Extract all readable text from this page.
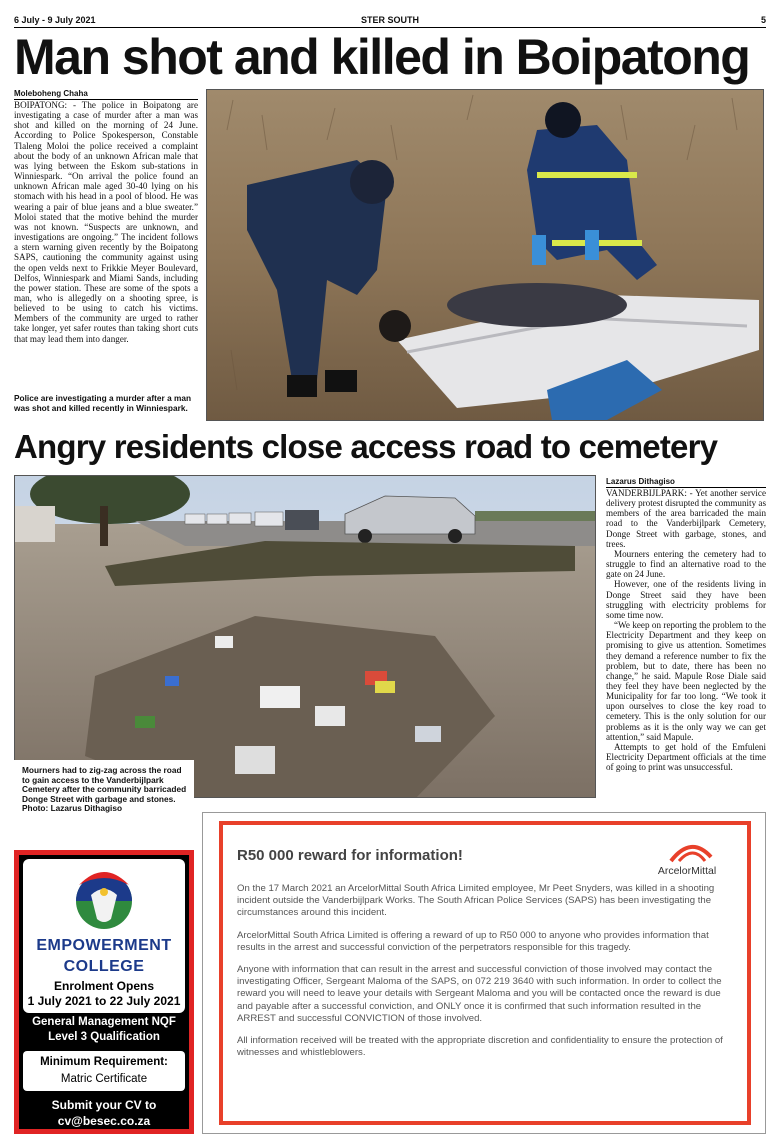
6 July - 9 July 2021	STER SOUTH	5
Man shot and killed in Boipatong
Moleboheng Chaha

BOIPATONG: - The police in Boipatong are investigating a case of murder after a man was shot and killed on the morning of 24 June. According to Police Spokesperson, Constable Tlaleng Moloi the police received a complaint about the body of an unknown African male that was lying between the Eskom sub-stations in Winniespark. “On arrival the police found an unknown African male aged 30-40 lying on his stomach with his head in a pool of blood. He was wearing a pair of blue jeans and a blue sweater.” Moloi stated that the motive behind the murder was not known. “Suspects are unknown, and investigations are ongoing.” The incident follows a stern warning given recently by the Boipatong SAPS, cautioning the community against using the open velds next to Frikkie Meyer Boulevard, Delfos, Winniespark and Miami Sands, including the power station. These are some of the spots a man, who is allegedly on a shooting spree, is believed to be using to catch his victims. Members of the community are urged to rather take longer, yet safer routes than taking short cuts that may lead them into danger.

Police are investigating a murder after a man was shot and killed recently in Winniespark.
Angry residents close access road to cemetery
Mourners had to zig-zag across the road to gain access to the Vanderbijlpark Cemetery after the community barricaded Donge Street with garbage and stones. Photo: Lazarus Dithagiso
Lazarus Dithagiso

VANDERBIJLPARK: - Yet another service delivery protest disrupted the community as members of the area barricaded the main road to the Vanderbijlpark Cemetery, Donge Street with garbage, stones, and trees.

Mourners entering the cemetery had to struggle to find an alternative road to the gate on 24 June.

However, one of the residents living in Donge Street said they have been struggling with electricity problems for some time now.

“We keep on reporting the problem to the Electricity Department and they keep on promising to give us attention. Sometimes they demand a reference number to fix the problem, but to date, there has been no change,” he said. Mapule Rose Diale said they feel they have been neglected by the Municipality for far too long. “We took it upon ourselves to close the key road to cemetery. This is the only solution for our problems as it is the only way we can get attention,” said Mapule.

Attempts to get hold of the Emfuleni Electricity Department officials at the time of going to print was unsuccessful.

EMPOWERMENT
COLLEGE
Enrolment Opens
1 July 2021 to 22 July 2021
General Management NQF
Level 3 Qualification
Minimum Requirement:
Matric Certificate
Submit your CV to
cv@besec.co.za
R50 000 reward for information!
ArcelorMittal

On the 17 March 2021 an ArcelorMittal South Africa Limited employee, Mr Peet Snyders, was killed in a shooting incident outside the Vanderbijlpark Works. The South African Police Services (SAPS) has been investigating the circumstances around this incident.

ArcelorMittal South Africa Limited is offering a reward of up to R50 000 to anyone who provides information that results in the arrest and successful conviction of the perpetrators responsible for this tragedy.

Anyone with information that can result in the arrest and successful conviction of those involved may contact the investigating Officer, Sergeant Maloma of the SAPS, on 072 219 3640 with such information. In order to collect the reward you will need to leave your details with Sergeant Maloma and you will be contacted once the reward is due and payable after a successful conviction, and ONLY once it is confirmed that such information resulted in the ARREST and successful CONVICTION of those involved.

All information received will be treated with the appropriate discretion and confidentiality to ensure the protection of witnesses and whistleblowers.
